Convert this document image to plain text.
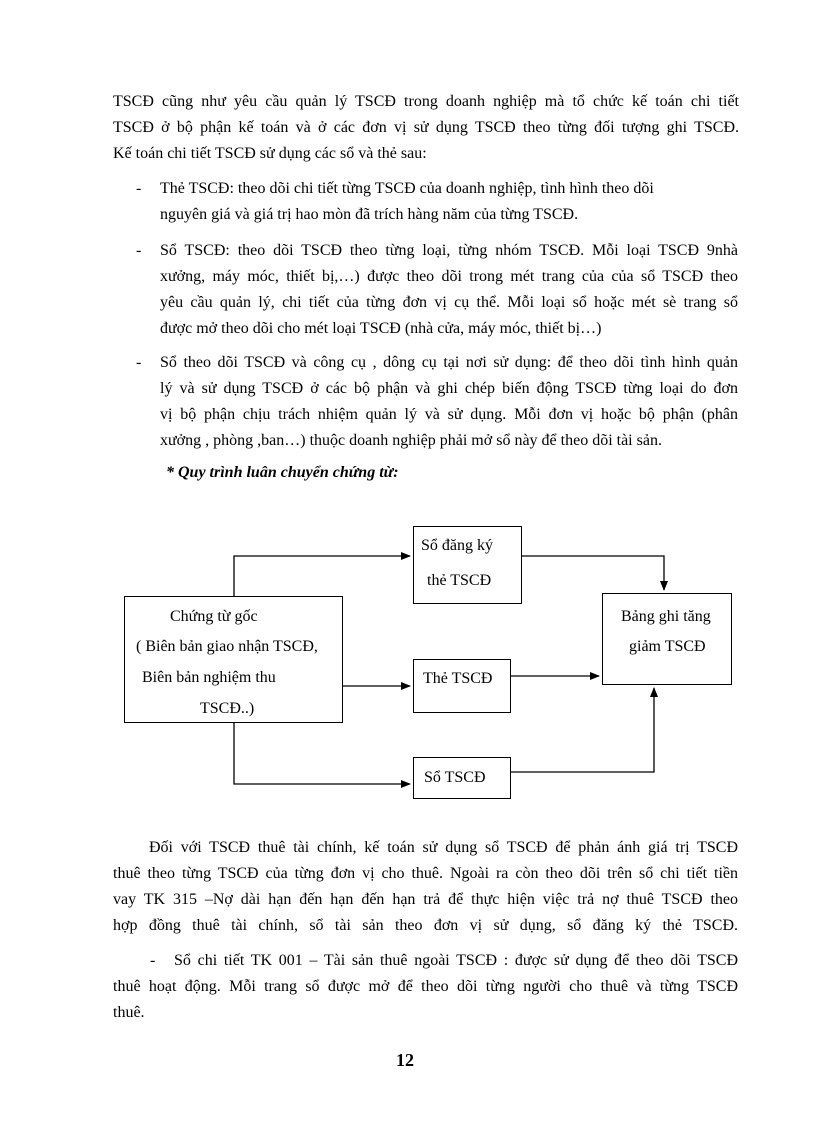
TSCĐ cũng như yêu cầu quản lý TSCĐ trong doanh nghiệp mà tổ chức kế toán chi tiết
TSCĐ ở bộ phận kế toán và ở các đơn vị sử dụng TSCĐ theo từng đối tượng ghi TSCĐ.
Kế toán chi tiết TSCĐ sử dụng các sổ và thẻ sau:
- Thẻ TSCĐ: theo dõi chi tiết từng TSCĐ của doanh nghiệp, tình hình theo dõi
nguyên giá và giá trị hao mòn đã trích hàng năm của từng TSCĐ.
- Sổ TSCĐ: theo dõi TSCĐ theo từng loại, từng nhóm TSCĐ. Mỗi loại TSCĐ 9nhà
xưởng, máy móc, thiết bị,…) được theo dõi trong mét trang của của sổ TSCĐ theo
yêu cầu quản lý, chi tiết của từng đơn vị cụ thể. Mỗi loại sổ hoặc mét sè trang sổ
được mở theo dõi cho mét loại TSCĐ (nhà cửa, máy móc, thiết bị…)
- Sổ theo dõi TSCĐ và công cụ , dông cụ tại nơi sử dụng: để theo dõi tình hình quản
lý và sử dụng TSCĐ ở các bộ phận và ghi chép biến động TSCĐ từng loại do đơn
vị bộ phận chịu trách nhiệm quản lý và sử dụng. Mỗi đơn vị hoặc bộ phận (phân
xưởng , phòng ,ban…) thuộc doanh nghiệp phải mở sổ này để theo dõi tài sản.
* Quy trình luân chuyển chứng từ:
Chứng từ gốc
( Biên bản giao nhận TSCĐ,
Biên bản nghiệm thu
TSCĐ..)
Sổ đăng ký
thẻ TSCĐ
Thẻ TSCĐ
Sổ TSCĐ
Bảng ghi tăng
giảm TSCĐ
Đối với TSCĐ thuê tài chính, kế toán sử dụng sổ TSCĐ để phản ánh giá trị TSCĐ
thuê theo từng TSCĐ của từng đơn vị cho thuê. Ngoài ra còn theo dõi trên sổ chi tiết tiền
vay TK 315 –Nợ dài hạn đến hạn đến hạn trả để thực hiện việc trả nợ thuê TSCĐ theo
hợp đồng thuê tài chính, sổ tài sản theo đơn vị sử dụng, sổ đăng ký thẻ TSCĐ.
- Sổ chi tiết TK 001 – Tài sản thuê ngoài TSCĐ : được sử dụng để theo dõi TSCĐ
thuê hoạt động. Mỗi trang sổ được mở để theo dõi từng người cho thuê và từng TSCĐ
thuê.
12
